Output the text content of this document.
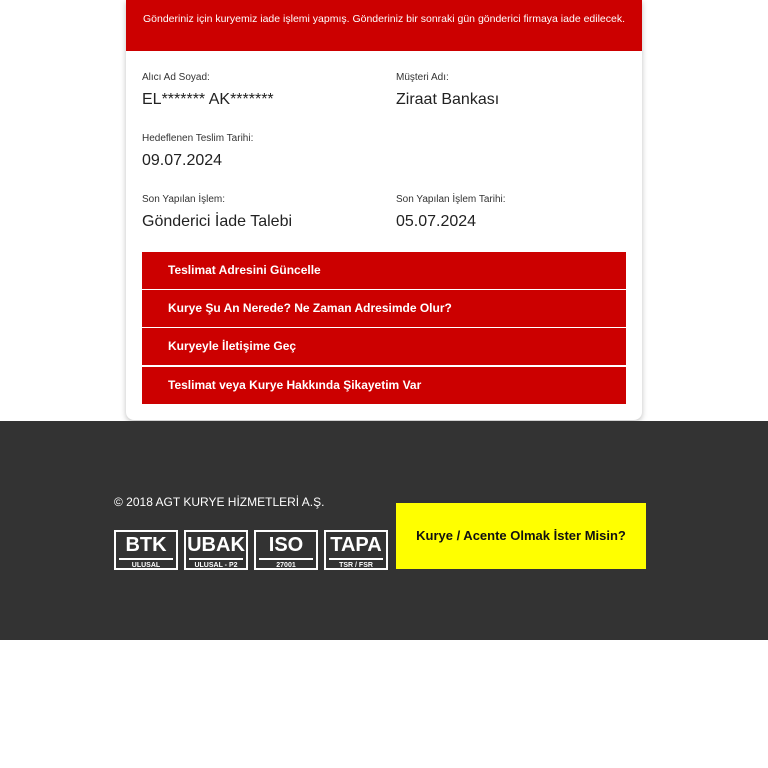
Gönderiniz için kuryemiz iade işlemi yapmış. Gönderiniz bir sonraki gün gönderici firmaya iade edilecek.
Alıcı Ad Soyad:
EL******* AK*******
Müşteri Adı:
Ziraat Bankası
Hedeflenen Teslim Tarihi:
09.07.2024
Son Yapılan İşlem:
Gönderici İade Talebi
Son Yapılan İşlem Tarihi:
05.07.2024
Teslimat Adresini Güncelle
Kurye Şu An Nerede? Ne Zaman Adresimde Olur?
Kuryeyle İletişime Geç
Teslimat veya Kurye Hakkında Şikayetim Var
© 2018 AGT KURYE HİZMETLERİ A.Ş.
BTK
ULUSAL
UBAK
ULUSAL - P2
ISO
27001
TAPA
TSR / FSR
Kurye / Acente Olmak İster Misin?
